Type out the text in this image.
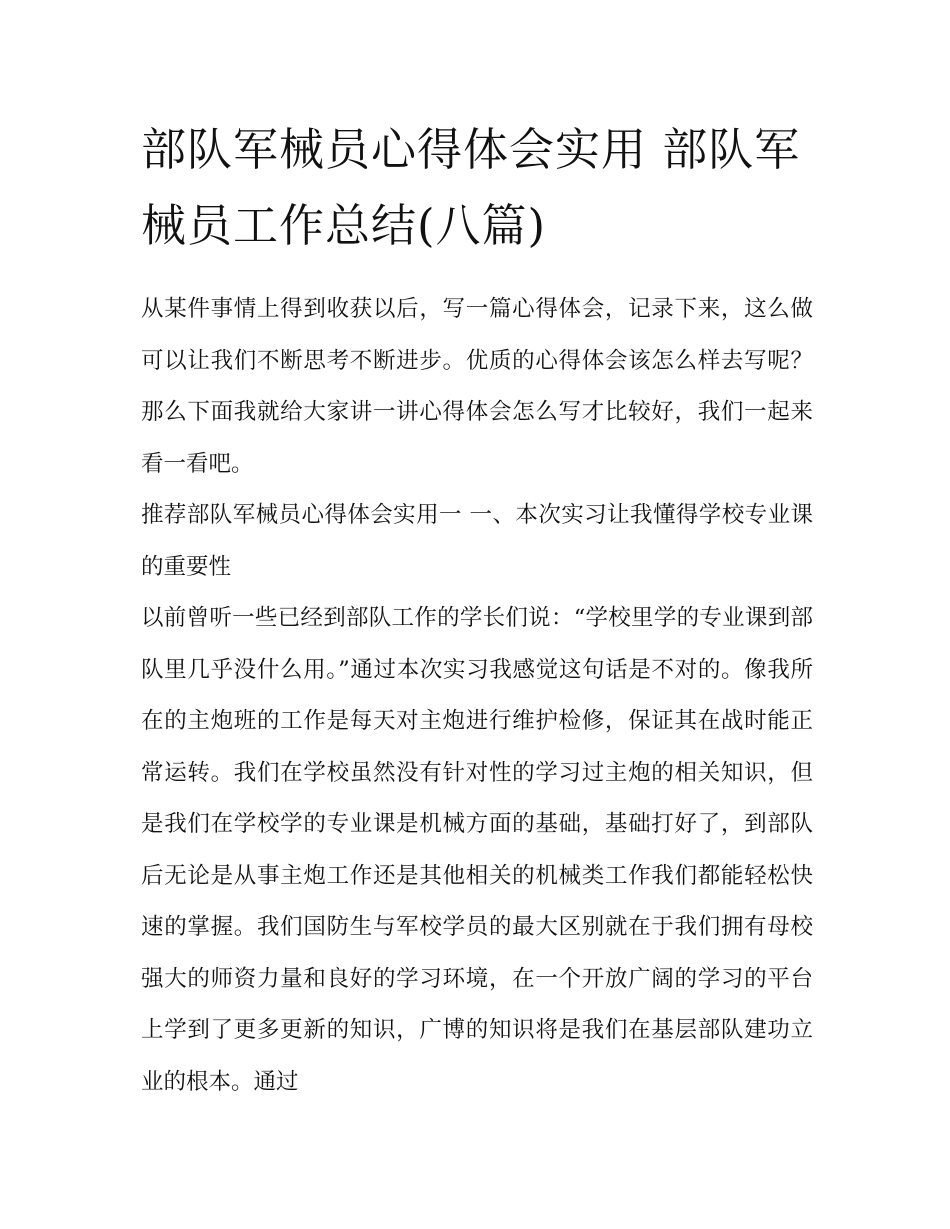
部队军械员心得体会实用 部队军械员工作总结(八篇)

从某件事情上得到收获以后，写一篇心得体会，记录下来，这么做可以让我们不断思考不断进步。优质的心得体会该怎么样去写呢？那么下面我就给大家讲一讲心得体会怎么写才比较好，我们一起来看一看吧。

推荐部队军械员心得体会实用一 一、本次实习让我懂得学校专业课的重要性

以前曾听一些已经到部队工作的学长们说：“学校里学的专业课到部队里几乎没什么用。”通过本次实习我感觉这句话是不对的。像我所在的主炮班的工作是每天对主炮进行维护检修，保证其在战时能正常运转。我们在学校虽然没有针对性的学习过主炮的相关知识，但是我们在学校学的专业课是机械方面的基础，基础打好了，到部队后无论是从事主炮工作还是其他相关的机械类工作我们都能轻松快速的掌握。我们国防生与军校学员的最大区别就在于我们拥有母校强大的师资力量和良好的学习环境，在一个开放广阔的学习的平台上学到了更多更新的知识，广博的知识将是我们在基层部队建功立业的根本。通过
